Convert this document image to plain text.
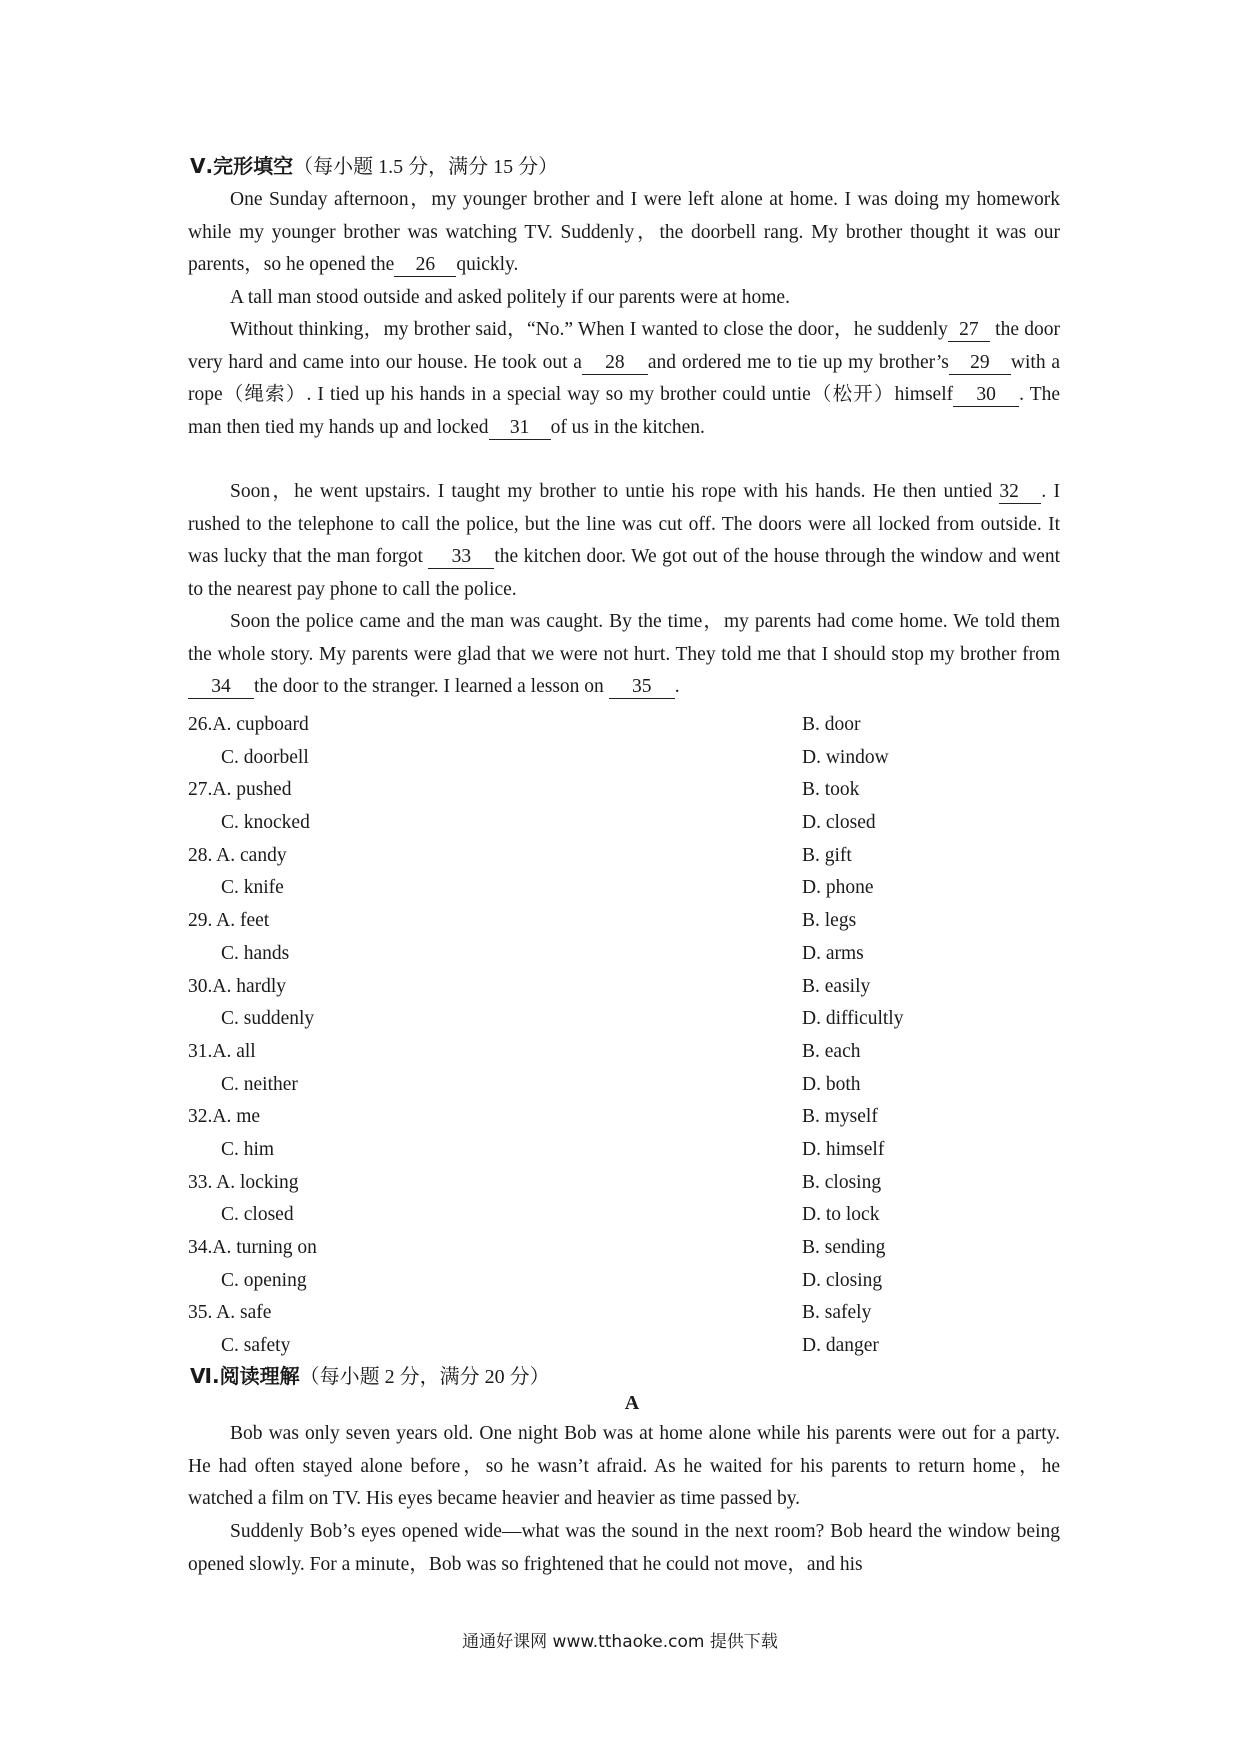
Ⅴ.完形填空（每小题 1.5 分，满分 15 分）

One Sunday afternoon，my younger brother and I were left alone at home. I was doing my homework while my younger brother was watching TV. Suddenly，the doorbell rang. My brother thought it was our parents，so he opened the 26 quickly.

A tall man stood outside and asked politely if our parents were at home.

Without thinking，my brother said，“No.” When I wanted to close the door，he suddenly 27 the door very hard and came into our house. He took out a 28 and ordered me to tie up my brother’s 29 with a rope（绳索）. I tied up his hands in a special way so my brother could untie（松开）himself 30 . The man then tied my hands up and locked 31 of us in the kitchen.

Soon，he went upstairs. I taught my brother to untie his rope with his hands. He then untied 32 . I rushed to the telephone to call the police, but the line was cut off. The doors were all locked from outside. It was lucky that the man forgot 33 the kitchen door. We got out of the house through the window and went to the nearest pay phone to call the police.

Soon the police came and the man was caught. By the time，my parents had come home. We told them the whole story. My parents were glad that we were not hurt. They told me that I should stop my brother from34 the door to the stranger. I learned a lesson on 35 .

26.A. cupboard	B. door
C. doorbell	D. window
27.A. pushed	B. took
C. knocked	D. closed
28. A. candy	B. gift
C. knife	D. phone
29. A. feet	B. legs
C. hands	D. arms
30.A. hardly	B. easily
C. suddenly	D. difficultly
31.A. all	B. each
C. neither	D. both
32.A. me	B. myself
C. him	D. himself
33. A. locking	B. closing
C. closed	D. to lock
34.A. turning on	B. sending
C. opening	D. closing
35. A. safe	B. safely
C. safety	D. danger
Ⅵ.阅读理解（每小题 2 分，满分 20 分）
A

Bob was only seven years old. One night Bob was at home alone while his parents were out for a party. He had often stayed alone before，so he wasn’t afraid. As he waited for his parents to return home，he watched a film on TV. His eyes became heavier and heavier as time passed by.

Suddenly Bob’s eyes opened wide—what was the sound in the next room? Bob heard the window being opened slowly. For a minute，Bob was so frightened that he could not move，and his

通通好课网 www.tthaoke.com 提供下载
